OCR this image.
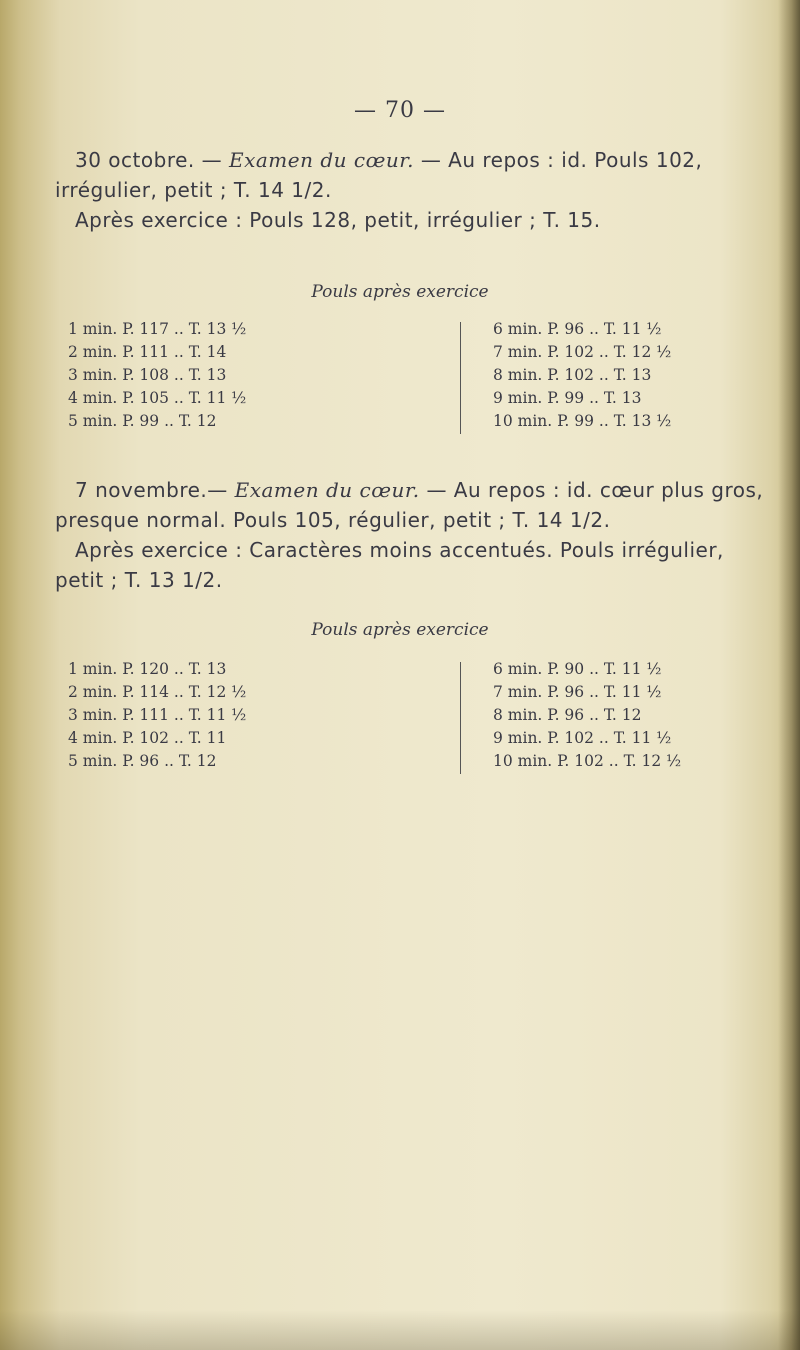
— 70 —

30 octobre. — Examen du cœur. — Au repos : id. Pouls 102, irrégulier, petit ; T. 14 1/2.

Après exercice : Pouls 128, petit, irrégulier ; T. 15.

Pouls après exercice
1 min. P. 117 .. T. 13 ½
2 min. P. 111 .. T. 14
3 min. P. 108 .. T. 13
4 min. P. 105 .. T. 11 ½
5 min. P. 99 .. T. 12
6 min. P. 96 .. T. 11 ½
7 min. P. 102 .. T. 12 ½
8 min. P. 102 .. T. 13
9 min. P. 99 .. T. 13
10 min. P. 99 .. T. 13 ½

7 novembre.— Examen du cœur. — Au repos : id. cœur plus gros, presque normal. Pouls 105, régulier, petit ; T. 14 1/2.

Après exercice : Caractères moins accentués. Pouls irrégulier, petit ; T. 13 1/2.

Pouls après exercice
1 min. P. 120 .. T. 13
2 min. P. 114 .. T. 12 ½
3 min. P. 111 .. T. 11 ½
4 min. P. 102 .. T. 11
5 min. P. 96 .. T. 12
6 min. P. 90 .. T. 11 ½
7 min. P. 96 .. T. 11 ½
8 min. P. 96 .. T. 12
9 min. P. 102 .. T. 11 ½
10 min. P. 102 .. T. 12 ½
